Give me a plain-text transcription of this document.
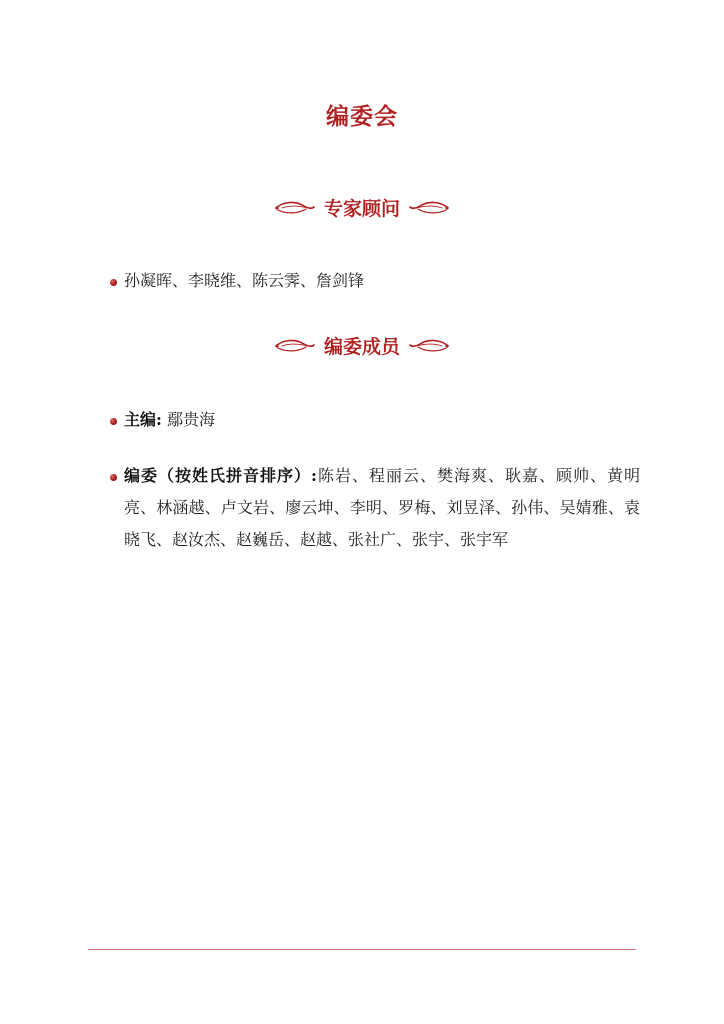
编委会
专家顾问
孙凝晖、李晓维、陈云霁、詹剑锋
编委成员
主编: 鄢贵海
编委（按姓氏拼音排序）:陈岩、程丽云、樊海爽、耿嘉、顾帅、黄明亮、林涵越、卢文岩、廖云坤、李明、罗梅、刘昱泽、孙伟、吴婧雅、袁晓飞、赵汝杰、赵巍岳、赵越、张社广、张宇、张宇军
